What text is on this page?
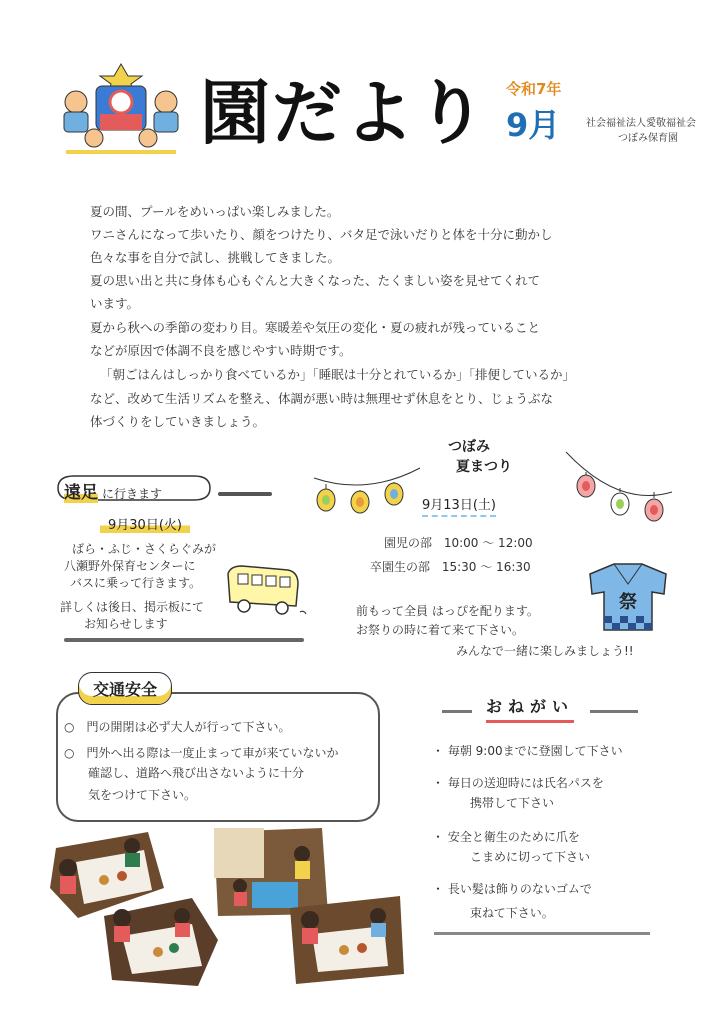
園だより 令和7年
9月	社会福祉法人愛敬福祉会
つぼみ保育園
夏の間、プールをめいっぱい楽しみました。
ワニさんになって歩いたり、顔をつけたり、バタ足で泳いだりと体を十分に動かし
色々な事を自分で試し、挑戦してきました。
夏の思い出と共に身体も心もぐんと大きくなった、たくましい姿を見せてくれて
います。
夏から秋への季節の変わり目。寒暖差や気圧の変化・夏の疲れが残っていること
などが原因で体調不良を感じやすい時期です。
「朝ごはんはしっかり食べているか」「睡眠は十分とれているか」「排便しているか」
など、改めて生活リズムを整え、体調が悪い時は無理せず休息をとり、じょうぶな
体づくりをしていきましょう。
遠足 に行きます
9月30日(火)
ばら・ふじ・さくらぐみが
八瀬野外保育センターに
バスに乗って行きます。
詳しくは後日、掲示板にて
お知らせします
つぼみ
夏まつり
9月13日(土)
園児の部 10:00 〜 12:00
卒園生の部 15:30 〜 16:30
祭
前もって全員 はっぴを配ります。
お祭りの時に着て来て下さい。
みんなで一緒に楽しみましょう!!
交通安全
○　門の開閉は必ず大人が行って下さい。
○　門外へ出る際は一度止まって車が来ていないか
確認し、道路へ飛び出さないように十分
気をつけて下さい。
おねがい
・ 毎朝 9:00までに登園して下さい
・ 毎日の送迎時には氏名パスを
携帯して下さい
・ 安全と衛生のために爪を
こまめに切って下さい
・ 長い髪は飾りのないゴムで
束ねて下さい。
